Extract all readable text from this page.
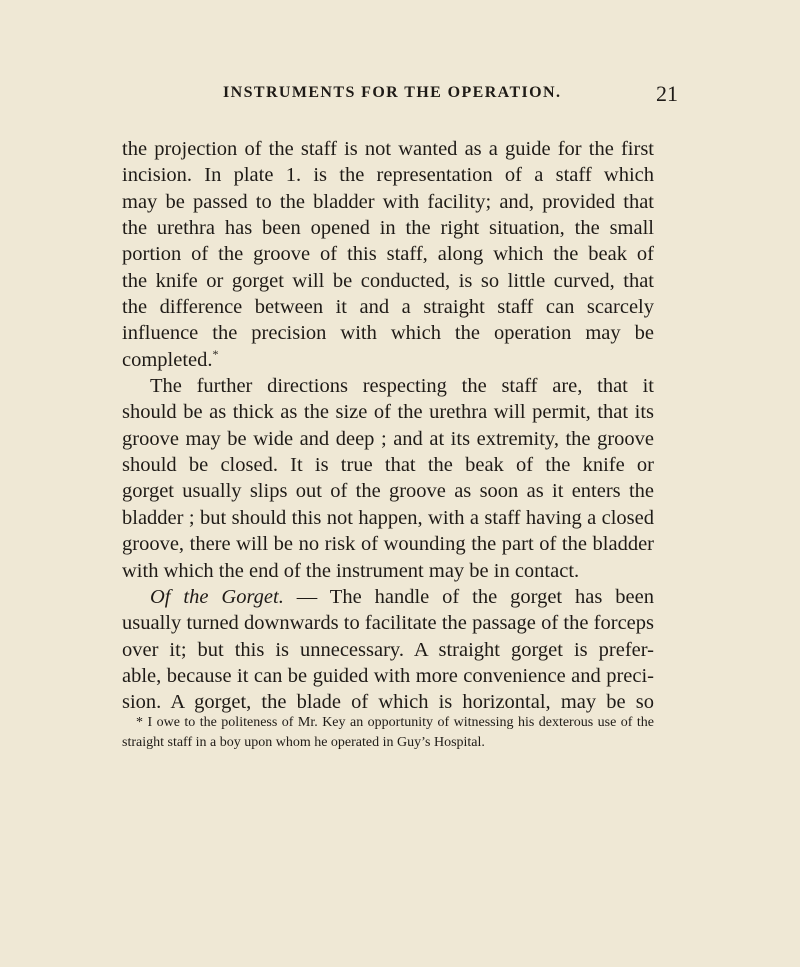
INSTRUMENTS FOR THE OPERATION.	21
the projection of the staff is not wanted as a guide for the first
incision. In plate 1. is the representation of a staff which
may be passed to the bladder with facility; and, provided that
the urethra has been opened in the right situation, the small
portion of the groove of this staff, along which the beak of
the knife or gorget will be conducted, is so little curved, that
the difference between it and a straight staff can scarcely
influence the precision with which the operation may be
completed.*
The further directions respecting the staff are, that it
should be as thick as the size of the urethra will permit, that its
groove may be wide and deep ; and at its extremity, the groove
should be closed. It is true that the beak of the knife or
gorget usually slips out of the groove as soon as it enters the
bladder ; but should this not happen, with a staff having a closed
groove, there will be no risk of wounding the part of the bladder
with which the end of the instrument may be in contact.
Of the Gorget. — The handle of the gorget has been
usually turned downwards to facilitate the passage of the forceps
over it; but this is unnecessary. A straight gorget is prefer-
able, because it can be guided with more convenience and preci-
sion. A gorget, the blade of which is horizontal, may be so
* I owe to the politeness of Mr. Key an opportunity of witnessing his dexterous use of the
straight staff in a boy upon whom he operated in Guy’s Hospital.
